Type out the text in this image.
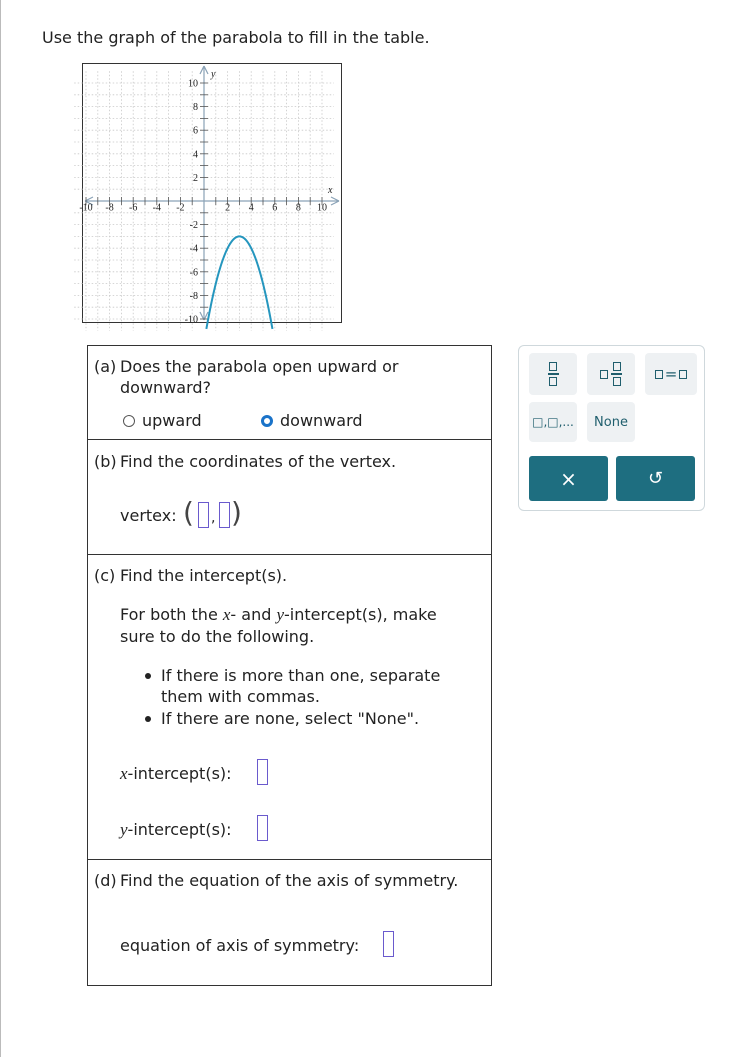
Use the graph of the parabola to fill in the table.
-10 -8 -6 -4 -2	2 4 6 8 10
10
8
6
4
2
-2
-4
-6
-8
-10
x
y
(a) Does the parabola open upward or
downward?
upward	downward
(b) Find the coordinates of the vertex.
vertex: ( , )
(c) Find the intercept(s).
For both the x- and y-intercept(s), make
sure to do the following.
If there is more than one, separate
them with commas.
If there are none, select "None".
x-intercept(s):
y-intercept(s):
(d) Find the equation of the axis of symmetry.
equation of axis of symmetry:
=
□,□,...	None
×	↺
